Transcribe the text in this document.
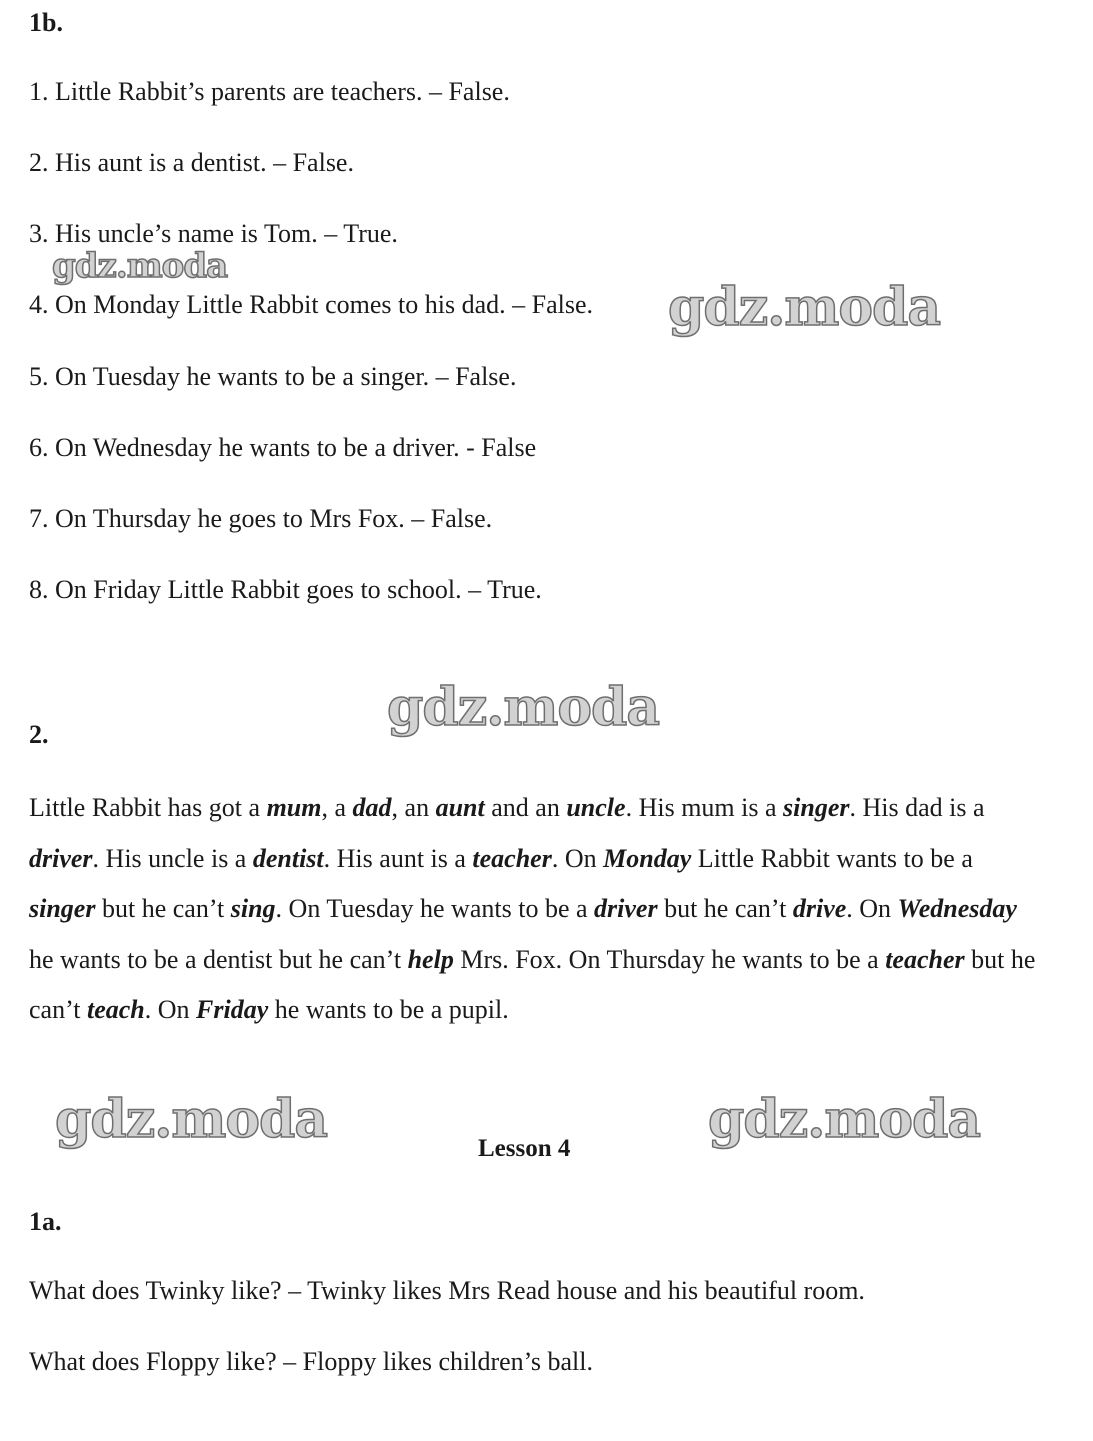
1b.
1. Little Rabbit’s parents are teachers. – False.
2. His aunt is a dentist. – False.
3. His uncle’s name is Tom. – True.
4. On Monday Little Rabbit comes to his dad. – False.
5. On Tuesday he wants to be a singer. – False.
6. On Wednesday he wants to be a driver. - False
7. On Thursday he goes to Mrs Fox. – False.
8. On Friday Little Rabbit goes to school. – True.
2.
Little Rabbit has got a mum, a dad, an aunt and an uncle. His mum is a singer. His dad is a driver. His uncle is a dentist. His aunt is a teacher. On Monday Little Rabbit wants to be a singer but he can’t sing. On Tuesday he wants to be a driver but he can’t drive. On Wednesday he wants to be a dentist but he can’t help Mrs. Fox. On Thursday he wants to be a teacher but he can’t teach. On Friday he wants to be a pupil.
Lesson 4
1a.
What does Twinky like? – Twinky likes Mrs Read house and his beautiful room.
What does Floppy like? – Floppy likes children’s ball.
gdz.moda
gdz.moda
gdz.moda
gdz.moda	gdz.moda
